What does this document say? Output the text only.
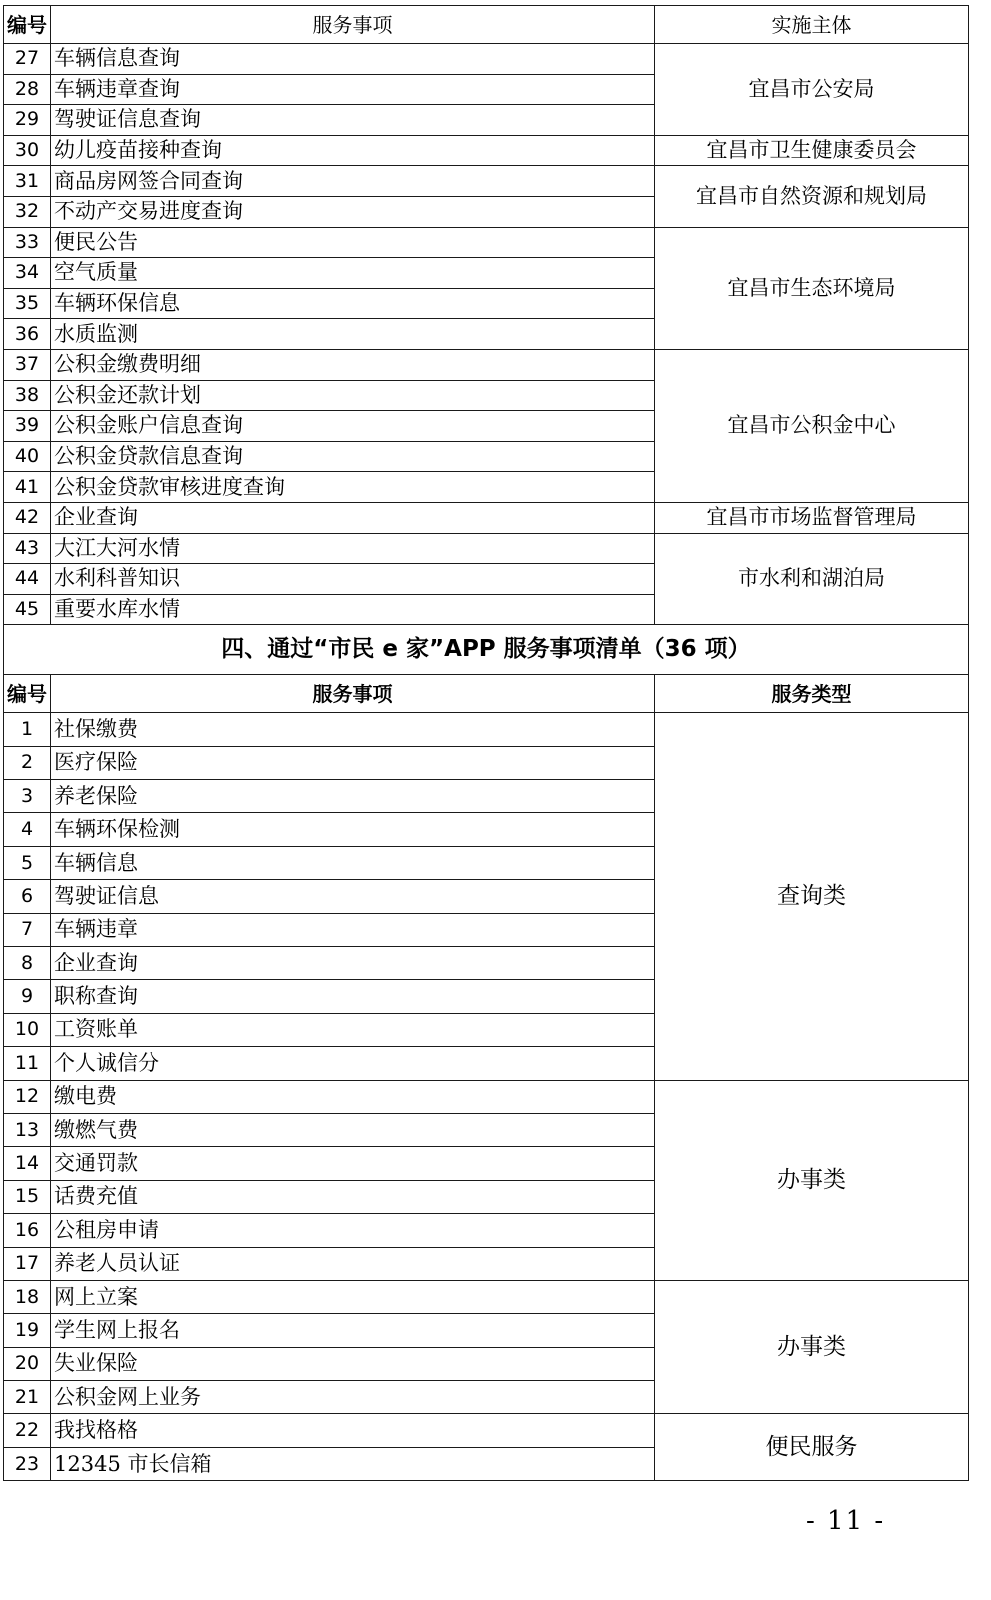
编号	服务事项	实施主体
27	车辆信息查询	宜昌市公安局
28	车辆违章查询	
29	驾驶证信息查询	
30	幼儿疫苗接种查询	宜昌市卫生健康委员会
31	商品房网签合同查询	宜昌市自然资源和规划局
32	不动产交易进度查询	
33	便民公告	宜昌市生态环境局
34	空气质量	
35	车辆环保信息	
36	水质监测	
37	公积金缴费明细	宜昌市公积金中心
38	公积金还款计划	
39	公积金账户信息查询	
40	公积金贷款信息查询	
41	公积金贷款审核进度查询	
42	企业查询	宜昌市市场监督管理局
43	大江大河水情	市水利和湖泊局
44	水利科普知识	
45	重要水库水情	
四、通过“市民 e 家”APP 服务事项清单（36 项）		
编号	服务事项	服务类型
1	社保缴费	查询类
2	医疗保险	
3	养老保险	
4	车辆环保检测	
5	车辆信息	
6	驾驶证信息	
7	车辆违章	
8	企业查询	
9	职称查询	
10	工资账单	
11	个人诚信分	
12	缴电费	办事类
13	缴燃气费	
14	交通罚款	
15	话费充值	
16	公租房申请	
17	养老人员认证	
18	网上立案	办事类
19	学生网上报名	
20	失业保险	
21	公积金网上业务	
22	我找格格	便民服务
23	12345 市长信箱	
- 11 -
